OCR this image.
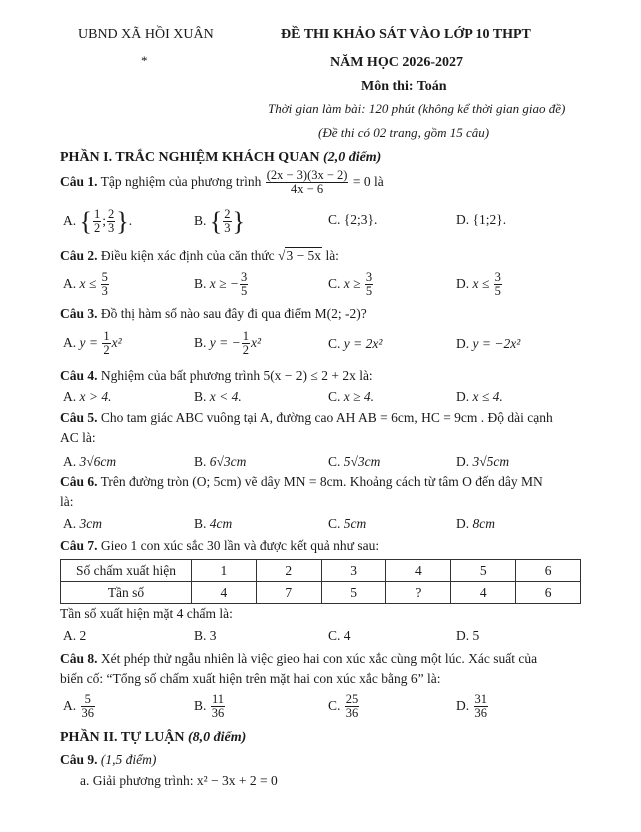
UBND XÃ HỒI XUÂN
*
ĐỀ THI KHẢO SÁT VÀO LỚP 10 THPT
NĂM HỌC 2026-2027
Môn thi: Toán
Thời gian làm bài: 120 phút (không kể thời gian giao đề)
(Đề thi có 02 trang, gồm 15 câu)
PHẦN I. TRẮC NGHIỆM KHÁCH QUAN (2,0 điểm)
Câu 1. Tập nghiệm của phương trình $\frac{(2x - 3)(3x - 2)}{4x - 6} = 0$ là
A. { $\frac{1}{2}$ ; $\frac{2}{3}$ }.	B. { $\frac{2}{3}$ }	C. {2;3}.	D. {1;2}.
Câu 2. Điều kiện xác định của căn thức √3 − 5x là:
A. $x \le \frac{5}{3}$	B. x ≥ − $\frac{3}{5}$	C. $x \ge \frac{3}{5}$	D. $x \le \frac{3}{5}$
Câu 3. Đồ thị hàm số nào sau đây đi qua điểm M(2; -2)?
A. $y = \frac{1}{2} x^2$	B. y = − $\frac{1}{2} x^2$	C. y = 2x²	D. y = −2x²
Câu 4. Nghiệm của bất phương trình 5(x − 2) ≤ 2 + 2x là:
A. x > 4.	B. x < 4.	C. x ≥ 4.	D. x ≤ 4.
Câu 5. Cho tam giác ABC vuông tại A, đường cao AH AB = 6cm, HC = 9cm . Độ dài cạnh
AC là:
A. 3√6cm	B. 6√3cm	C. 5√3cm	D. 3√5cm
Câu 6. Trên đường tròn (O; 5cm) vẽ dây MN = 8cm. Khoảng cách từ tâm O đến dây MN
là:
A. 3cm	B. 4cm	C. 5cm	D. 8cm
Câu 7. Gieo 1 con xúc sắc 30 lần và được kết quả như sau:
Số chấm xuất hiện	1	2	3	4	5	6
Tần số	4	7	5	?	4	6
Tần số xuất hiện mặt 4 chấm là:
A. 2	B. 3	C. 4	D. 5
Câu 8. Xét phép thử ngẫu nhiên là việc gieo hai con xúc xắc cùng một lúc. Xác suất của
biến cố: “Tổng số chấm xuất hiện trên mặt hai con xúc xắc bằng 6” là:
A. $\frac{5}{36}$	B. $\frac{11}{36}$	C. $\frac{25}{36}$	D. $\frac{31}{36}$
PHẦN II. TỰ LUẬN (8,0 điểm)
Câu 9. (1,5 điểm)
a. Giải phương trình: x² − 3x + 2 = 0
